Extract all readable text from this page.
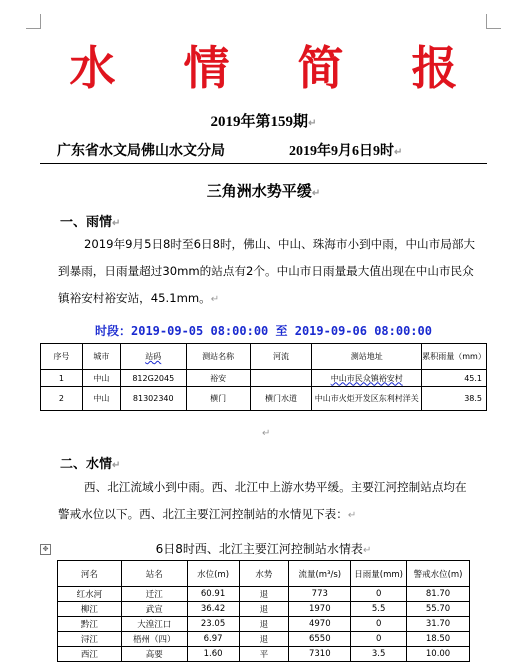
水 情 简 报
2019年第159期↵
广东省水文局佛山水文分局	2019年9月6日9时↵
三角洲水势平缓↵
一、雨情↵

2019年9月5日8时至6日8时，佛山、中山、珠海市小到中雨，中山市局部大到暴雨，日雨量超过30mm的站点有2个。中山市日雨量最大值出现在中山市民众镇裕安村裕安站，45.1mm。↵

时段：2019-09-05 08:00:00 至 2019-09-06 08:00:00
序号	城市	站码	测站名称	河流	测站地址	累积雨量（mm）
1	中山	812G2045	裕安		中山市民众镇裕安村	45.1
2	中山	81302340	横门	横门水道	中山市火炬开发区东利村洋关	38.5
↵
二、水情↵

西、北江流域小到中雨。西、北江中上游水势平缓。主要江河控制站点均在警戒水位以下。西、北江主要江河控制站的水情见下表：↵

✥	6日8时西、北江主要江河控制站水情表↵
河名	站名	水位(m)	水势	流量(m³/s)	日雨量(mm)	警戒水位(m)
红水河	迁江	60.91	退	773	0	81.70
柳江	武宣	36.42	退	1970	5.5	55.70
黔江	大湟江口	23.05	退	4970	0	31.70
浔江	梧州（四）	6.97	退	6550	0	18.50
西江	高要	1.60	平	7310	3.5	10.00
